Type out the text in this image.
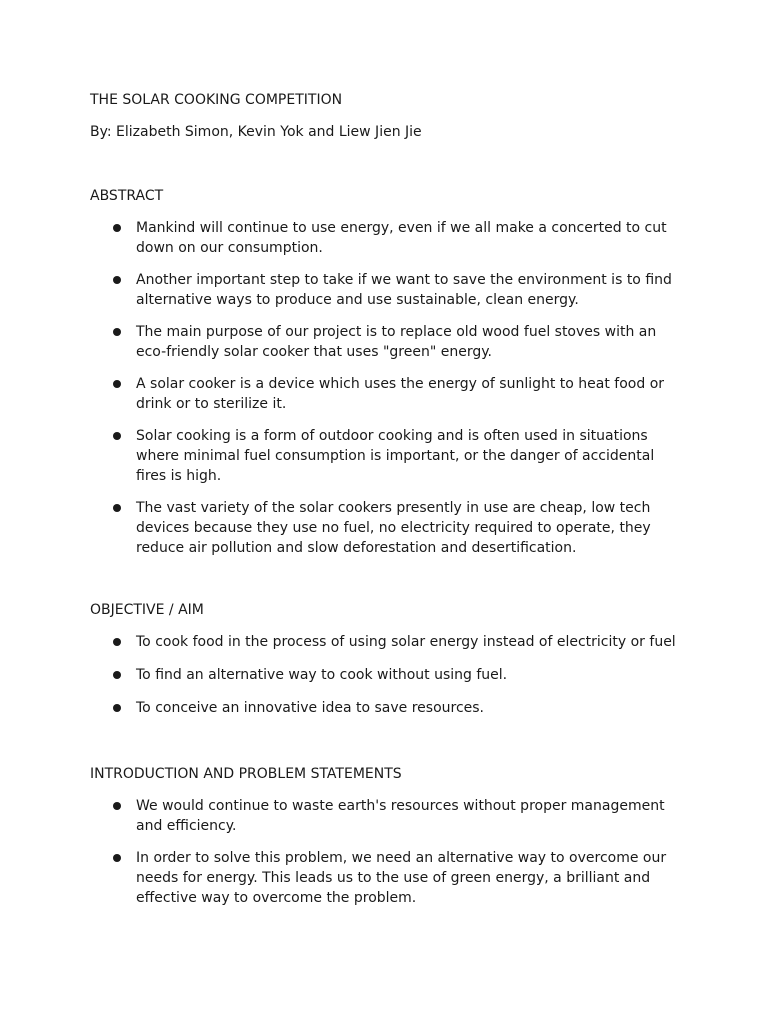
THE SOLAR COOKING COMPETITION

By: Elizabeth Simon, Kevin Yok and Liew Jien Jie

ABSTRACT
Mankind will continue to use energy, even if we all make a concerted to cut down on our consumption.
Another important step to take if we want to save the environment is to find alternative ways to produce and use sustainable, clean energy.
The main purpose of our project is to replace old wood fuel stoves with an eco-friendly solar cooker that uses "green" energy.
A solar cooker is a device which uses the energy of sunlight to heat food or drink or to sterilize it.
Solar cooking is a form of outdoor cooking and is often used in situations where minimal fuel consumption is important, or the danger of accidental fires is high.
The vast variety of the solar cookers presently in use are cheap, low tech devices because they use no fuel, no electricity required to operate, they reduce air pollution and slow deforestation and desertification.
OBJECTIVE / AIM
To cook food in the process of using solar energy instead of electricity or fuel
To find an alternative way to cook without using fuel.
To conceive an innovative idea to save resources.
INTRODUCTION AND PROBLEM STATEMENTS
We would continue to waste earth's resources without proper management and efficiency.
In order to solve this problem, we need an alternative way to overcome our needs for energy. This leads us to the use of green energy, a brilliant and effective way to overcome the problem.
